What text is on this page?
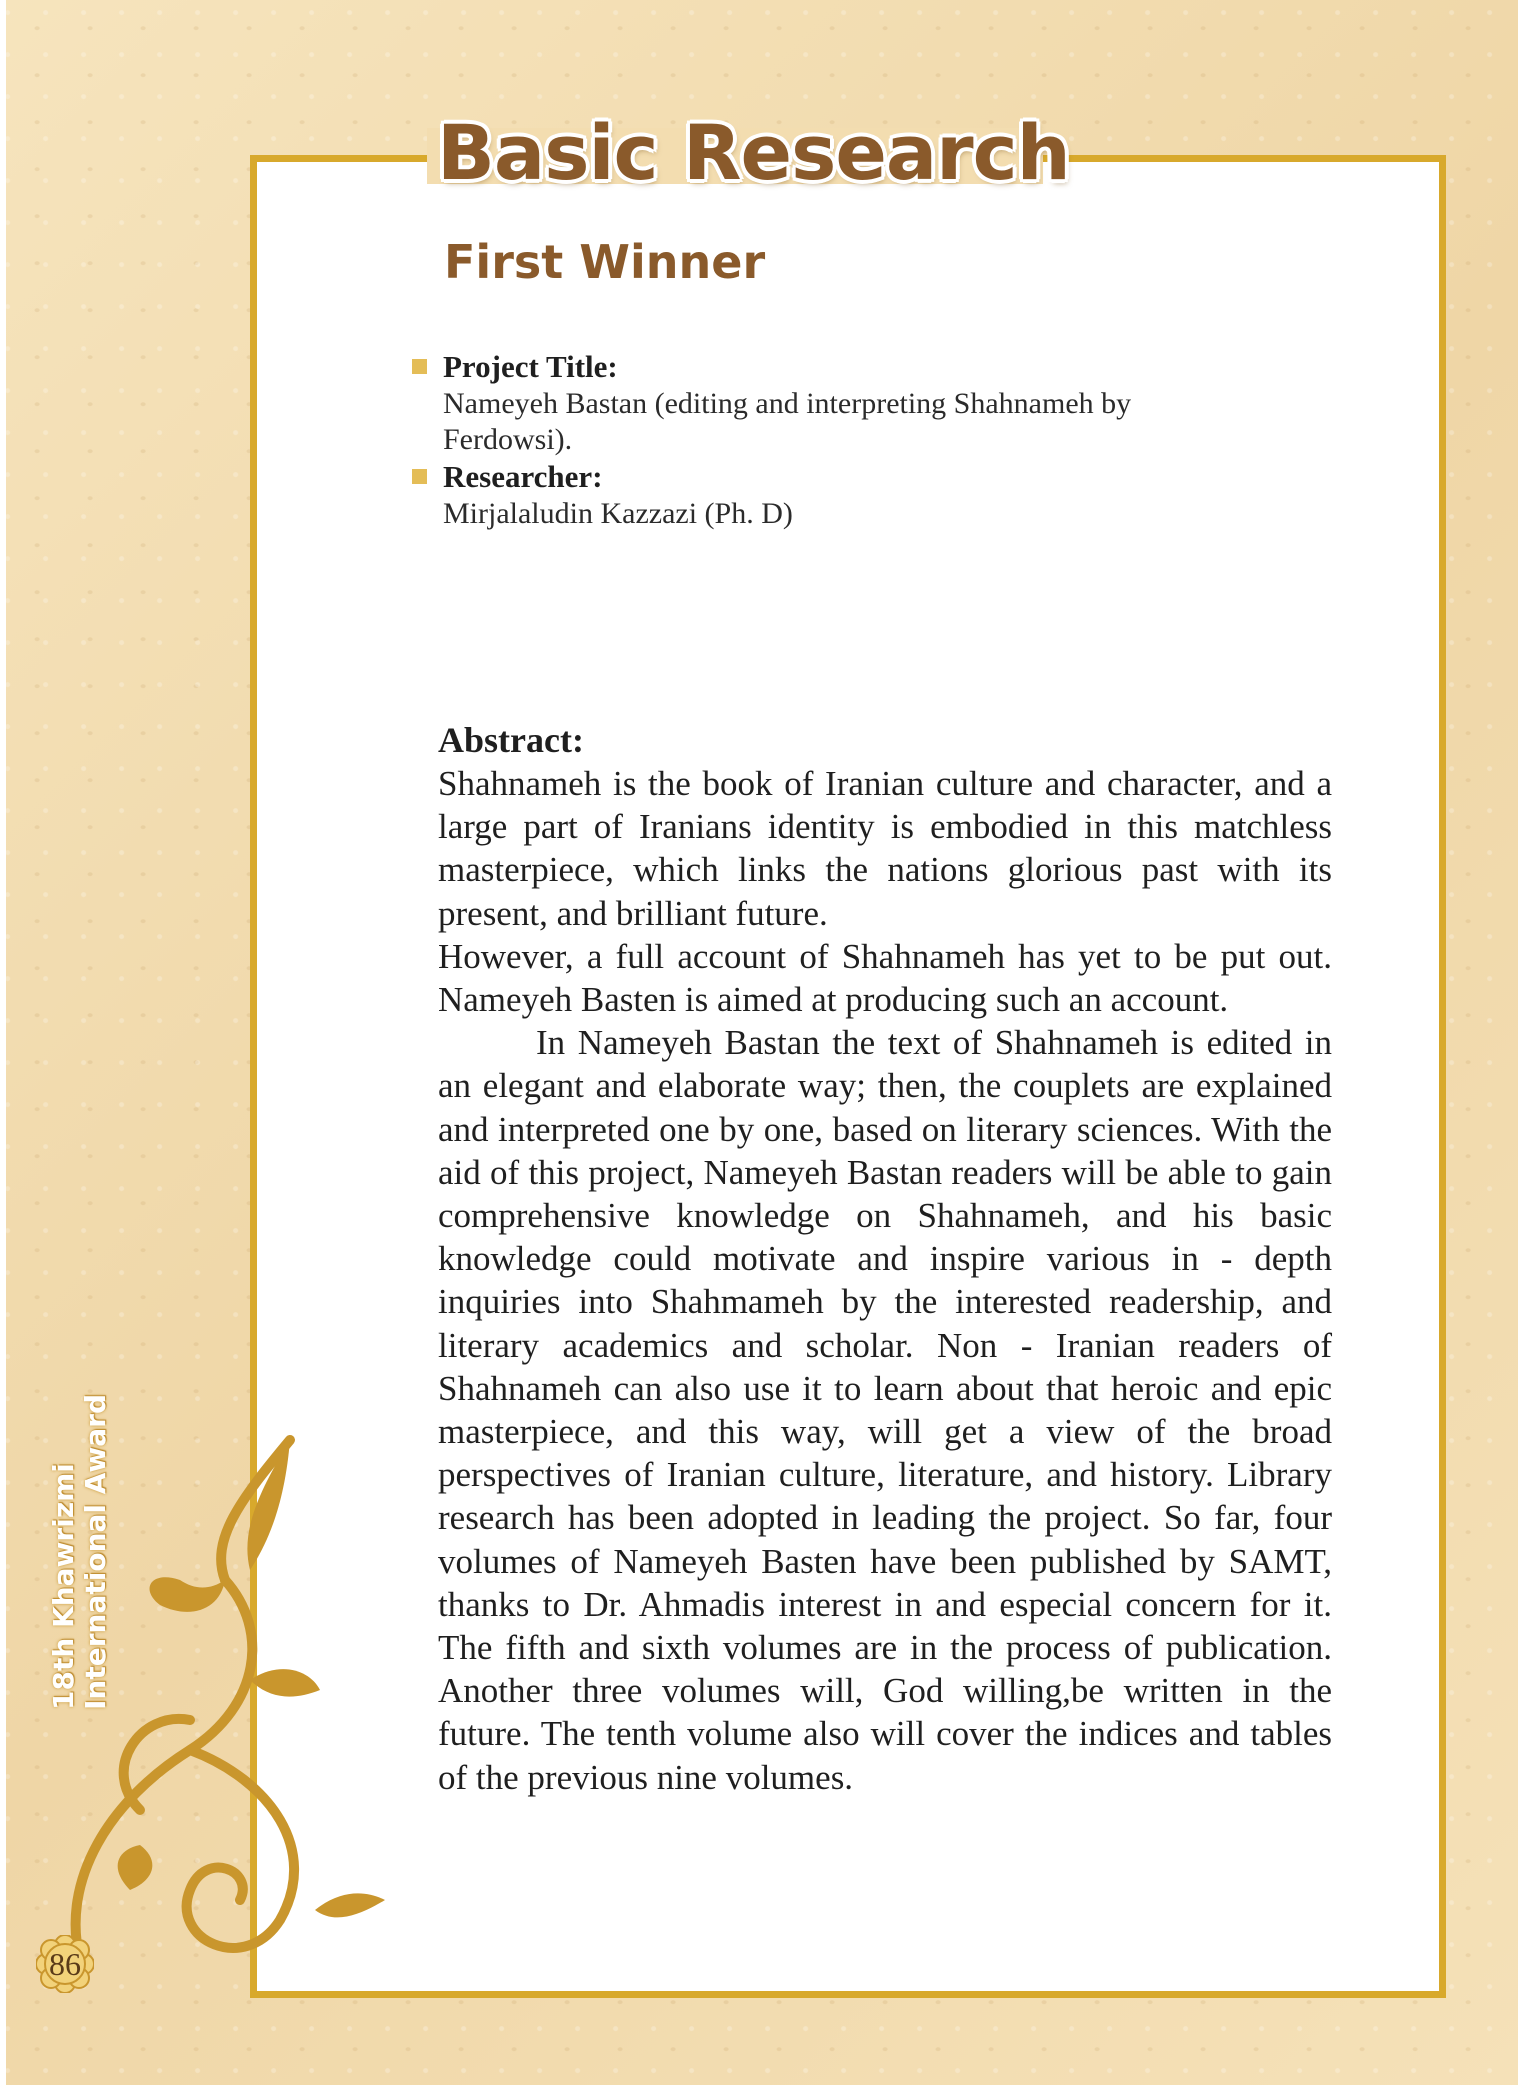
Basic Research
First Winner
Project Title:
Nameyeh Bastan (editing and interpreting Shahnameh by
Ferdowsi).
Researcher:
Mirjalaludin Kazzazi (Ph. D)
Abstract:

Shahnameh is the book of Iranian culture and character, and a large part of Iranians identity is embodied in this matchless masterpiece, which links the nations glorious past with its present, and brilliant future.

However, a full account of Shahnameh has yet to be put out. Nameyeh Basten is aimed at producing such an account.

In Nameyeh Bastan the text of Shahnameh is edited in an elegant and elaborate way; then, the couplets are explained and interpreted one by one, based on literary sciences. With the aid of this project, Nameyeh Bastan readers will be able to gain comprehensive knowledge on Shahnameh, and his basic knowledge could motivate and inspire various in - depth inquiries into Shahmameh by the interested readership, and literary academics and scholar. Non - Iranian readers of Shahnameh can also use it to learn about that heroic and epic masterpiece, and this way, will get a view of the broad perspectives of Iranian culture, literature, and history. Library research has been adopted in leading the project. So far, four volumes of Nameyeh Basten have been published by SAMT, thanks to Dr. Ahmadis interest in and especial concern for it. The fifth and sixth volumes are in the process of publication. Another three volumes will, God willing,be written in the future. The tenth volume also will cover the indices and tables of the previous nine volumes.

18th Khawrizmi International Award
86
